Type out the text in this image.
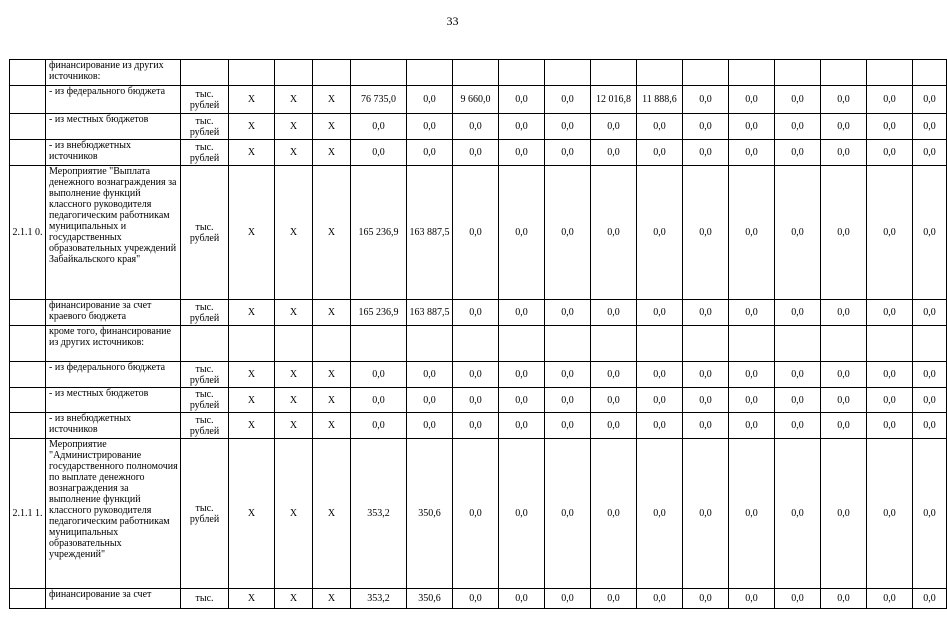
33
	финансирование из других источников:																	
	- из федерального бюджета	тыс. рублей	X	X	X	76 735,0	0,0	9 660,0	0,0	0,0	12 016,8	11 888,6	0,0	0,0	0,0	0,0	0,0	0,0
	- из местных бюджетов	тыс. рублей	X	X	X	0,0	0,0	0,0	0,0	0,0	0,0	0,0	0,0	0,0	0,0	0,0	0,0	0,0
	- из внебюджетных источников	тыс. рублей	X	X	X	0,0	0,0	0,0	0,0	0,0	0,0	0,0	0,0	0,0	0,0	0,0	0,0	0,0
2.1.1 0.	Мероприятие "Выплата денежного вознаграждения за выполнение функций классного руководителя педагогическим работникам муниципальных и государственных образовательных учреждений Забайкальского края"	тыс. рублей	X	X	X	165 236,9	163 887,5	0,0	0,0	0,0	0,0	0,0	0,0	0,0	0,0	0,0	0,0	0,0
	финансирование за счет краевого бюджета	тыс. рублей	X	X	X	165 236,9	163 887,5	0,0	0,0	0,0	0,0	0,0	0,0	0,0	0,0	0,0	0,0	0,0
	кроме того, финансирование из других источников:																	
	- из федерального бюджета	тыс. рублей	X	X	X	0,0	0,0	0,0	0,0	0,0	0,0	0,0	0,0	0,0	0,0	0,0	0,0	0,0
	- из местных бюджетов	тыс. рублей	X	X	X	0,0	0,0	0,0	0,0	0,0	0,0	0,0	0,0	0,0	0,0	0,0	0,0	0,0
	- из внебюджетных источников	тыс. рублей	X	X	X	0,0	0,0	0,0	0,0	0,0	0,0	0,0	0,0	0,0	0,0	0,0	0,0	0,0
2.1.1 1.	Мероприятие "Администрирование государственного полномочия по выплате денежного вознаграждения за выполнение функций классного руководителя педагогическим работникам муниципальных образовательных учреждений"	тыс. рублей	X	X	X	353,2	350,6	0,0	0,0	0,0	0,0	0,0	0,0	0,0	0,0	0,0	0,0	0,0
	финансирование за счет	тыс.	X	X	X	353,2	350,6	0,0	0,0	0,0	0,0	0,0	0,0	0,0	0,0	0,0	0,0	0,0
